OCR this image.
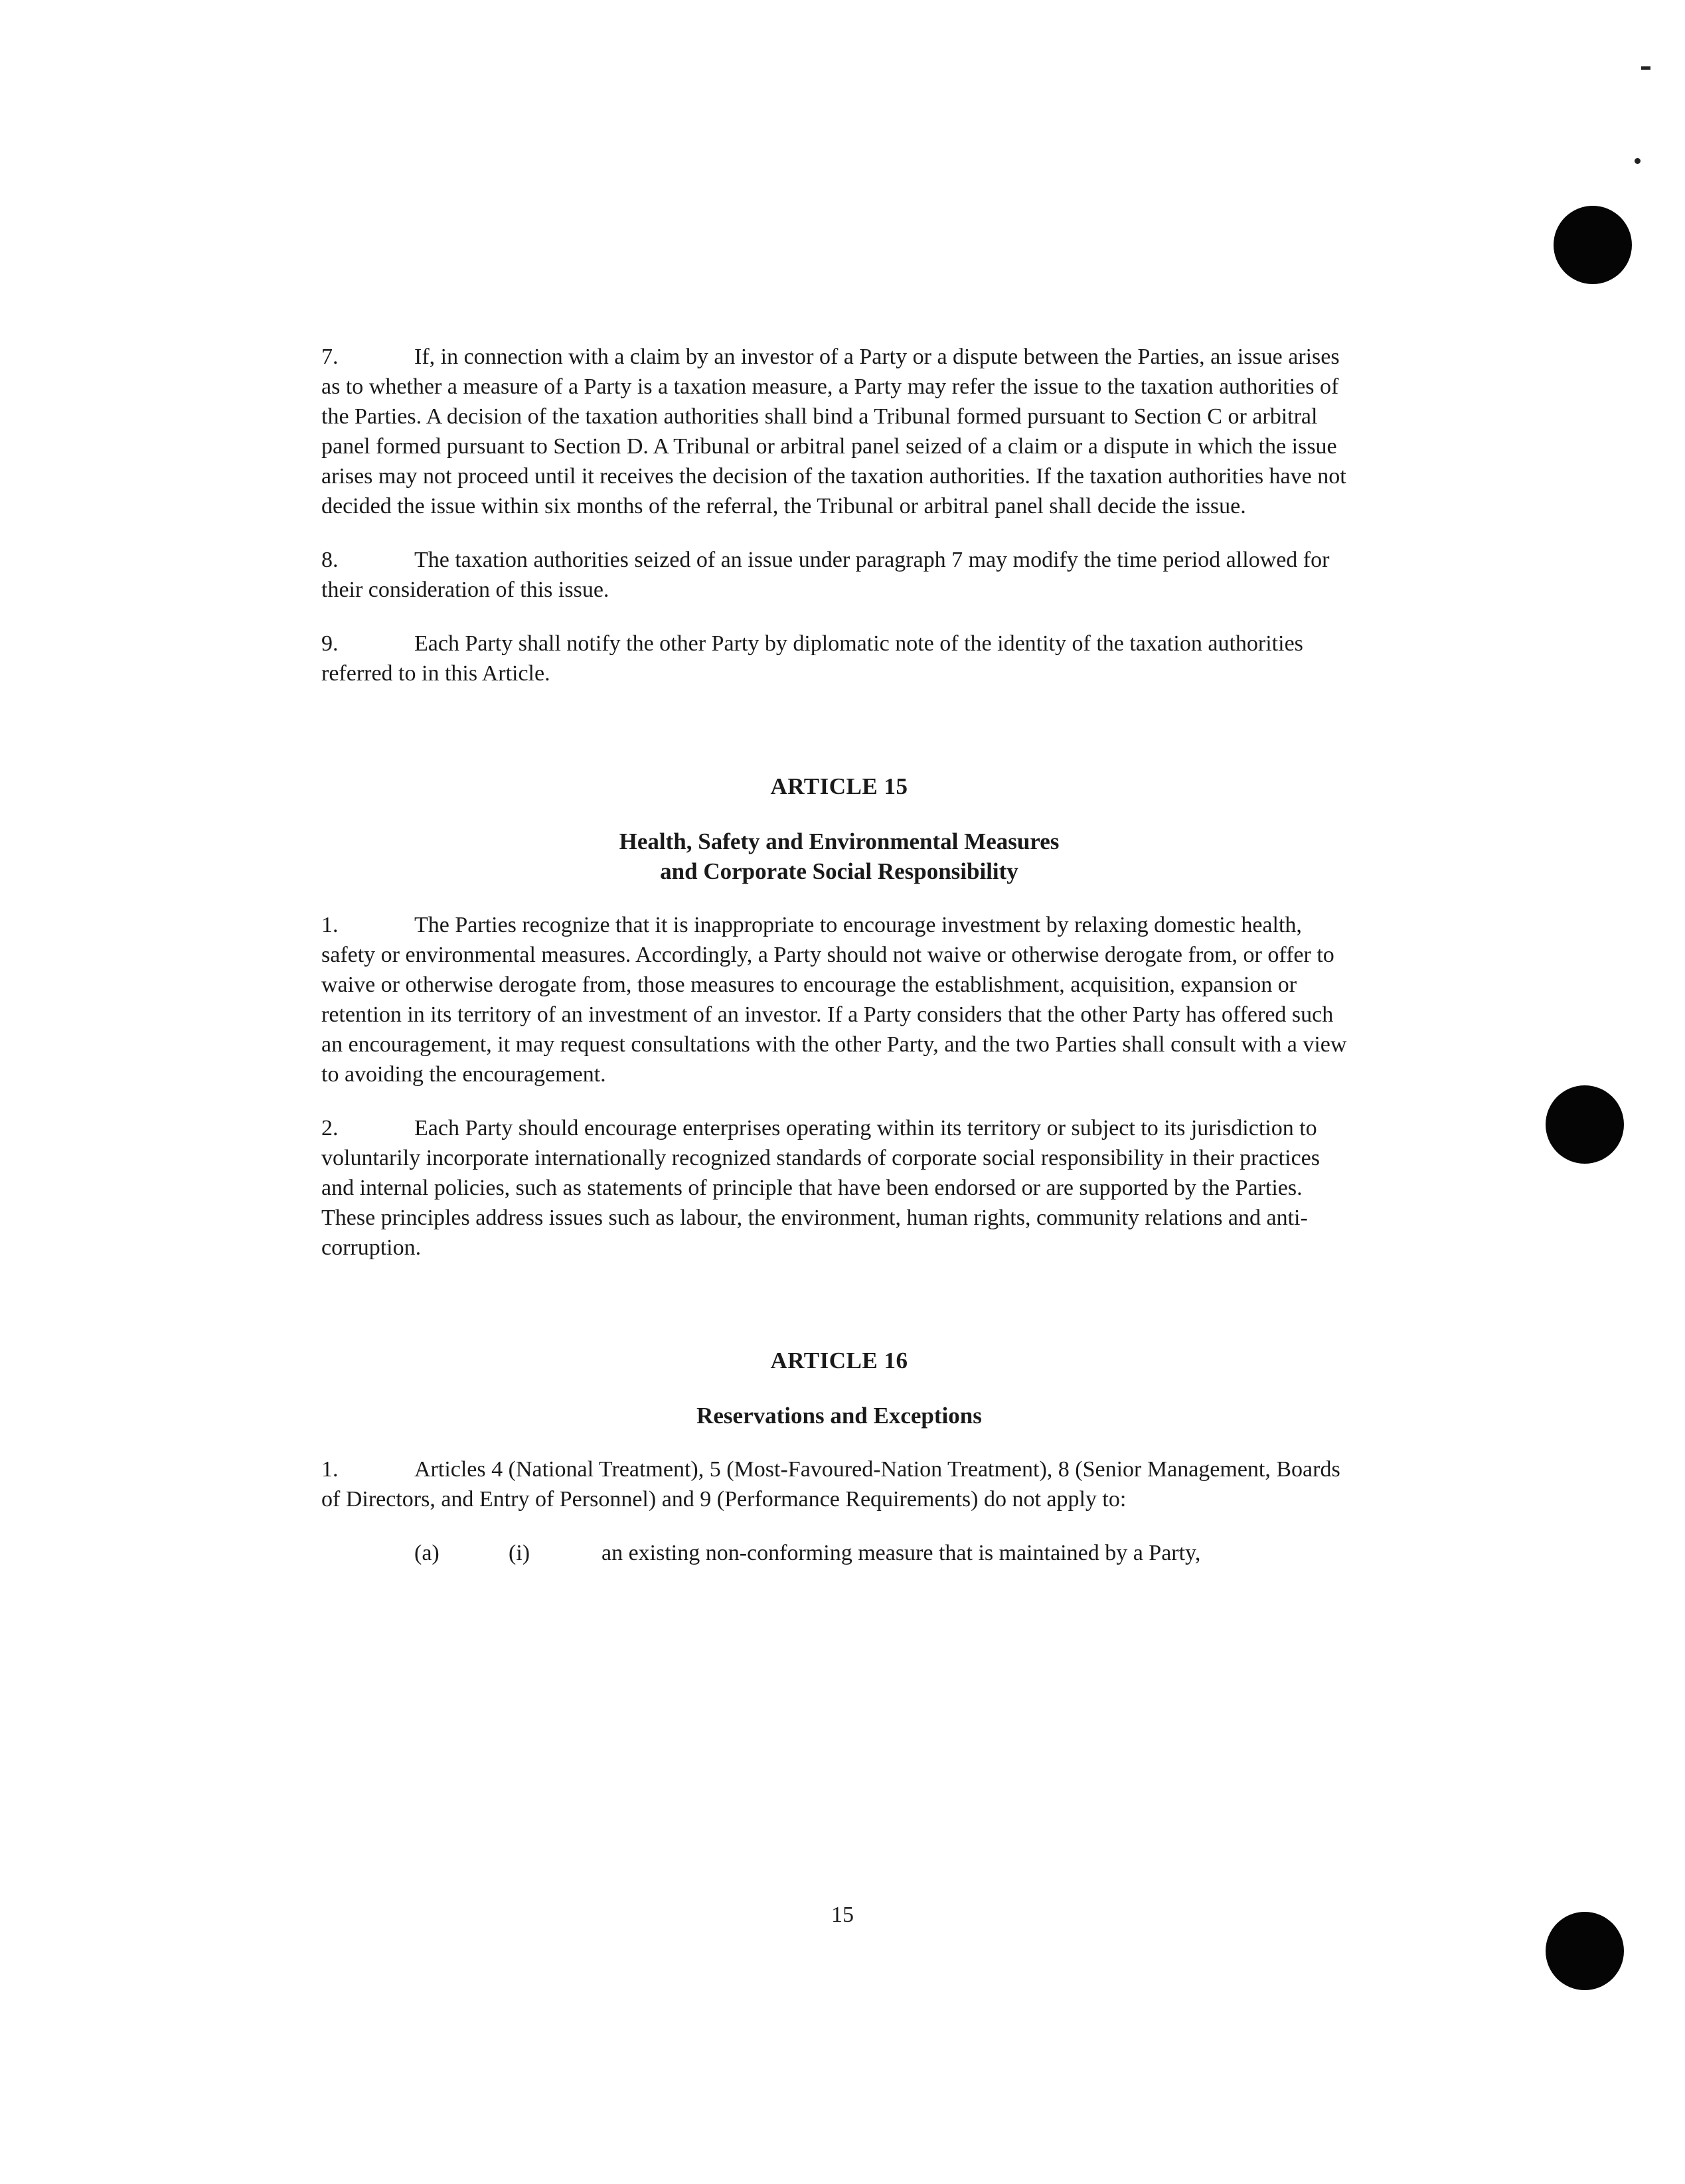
7.	If, in connection with a claim by an investor of a Party or a dispute between the Parties, an issue arises as to whether a measure of a Party is a taxation measure, a Party may refer the issue to the taxation authorities of the Parties. A decision of the taxation authorities shall bind a Tribunal formed pursuant to Section C or arbitral panel formed pursuant to Section D. A Tribunal or arbitral panel seized of a claim or a dispute in which the issue arises may not proceed until it receives the decision of the taxation authorities. If the taxation authorities have not decided the issue within six months of the referral, the Tribunal or arbitral panel shall decide the issue.

8.	The taxation authorities seized of an issue under paragraph 7 may modify the time period allowed for their consideration of this issue.

9.	Each Party shall notify the other Party by diplomatic note of the identity of the taxation authorities referred to in this Article.

ARTICLE 15

Health, Safety and Environmental Measures

and Corporate Social Responsibility

1.	The Parties recognize that it is inappropriate to encourage investment by relaxing domestic health, safety or environmental measures. Accordingly, a Party should not waive or otherwise derogate from, or offer to waive or otherwise derogate from, those measures to encourage the establishment, acquisition, expansion or retention in its territory of an investment of an investor. If a Party considers that the other Party has offered such an encouragement, it may request consultations with the other Party, and the two Parties shall consult with a view to avoiding the encouragement.

2.	Each Party should encourage enterprises operating within its territory or subject to its jurisdiction to voluntarily incorporate internationally recognized standards of corporate social responsibility in their practices and internal policies, such as statements of principle that have been endorsed or are supported by the Parties. These principles address issues such as labour, the environment, human rights, community relations and anti-corruption.

ARTICLE 16

Reservations and Exceptions

1.	Articles 4 (National Treatment), 5 (Most-Favoured-Nation Treatment), 8 (Senior Management, Boards of Directors, and Entry of Personnel) and 9 (Performance Requirements) do not apply to:

(a)	(i)	an existing non-conforming measure that is maintained by a Party,
15
